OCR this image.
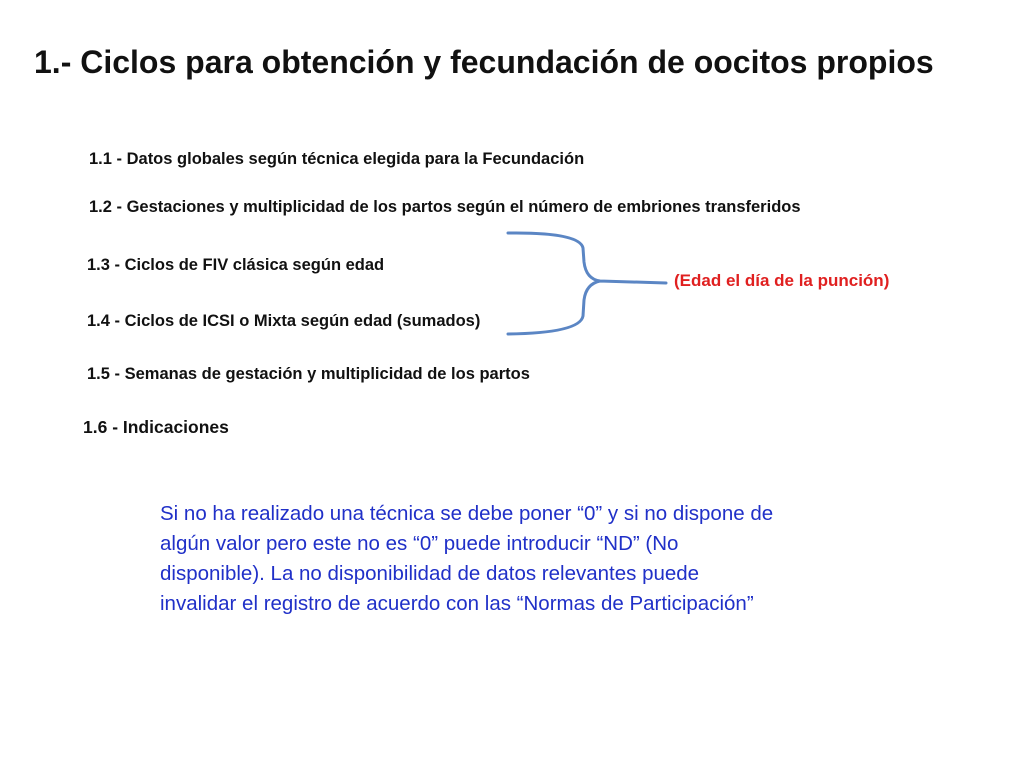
1.- Ciclos para obtención y fecundación de oocitos propios
1.1 - Datos globales según técnica elegida para la Fecundación
1.2 - Gestaciones y multiplicidad de los partos según el número de embriones transferidos
1.3 - Ciclos de FIV clásica según edad
1.4 - Ciclos de ICSI o Mixta según edad (sumados)
1.5 - Semanas de gestación y multiplicidad de los partos
1.6 - Indicaciones
(Edad el día de la punción)
Si no ha realizado una técnica se debe poner “0” y si no dispone de
algún valor pero este no es “0” puede introducir “ND” (No
disponible). La no disponibilidad de datos relevantes puede
invalidar el registro de acuerdo con las “Normas de Participación”
